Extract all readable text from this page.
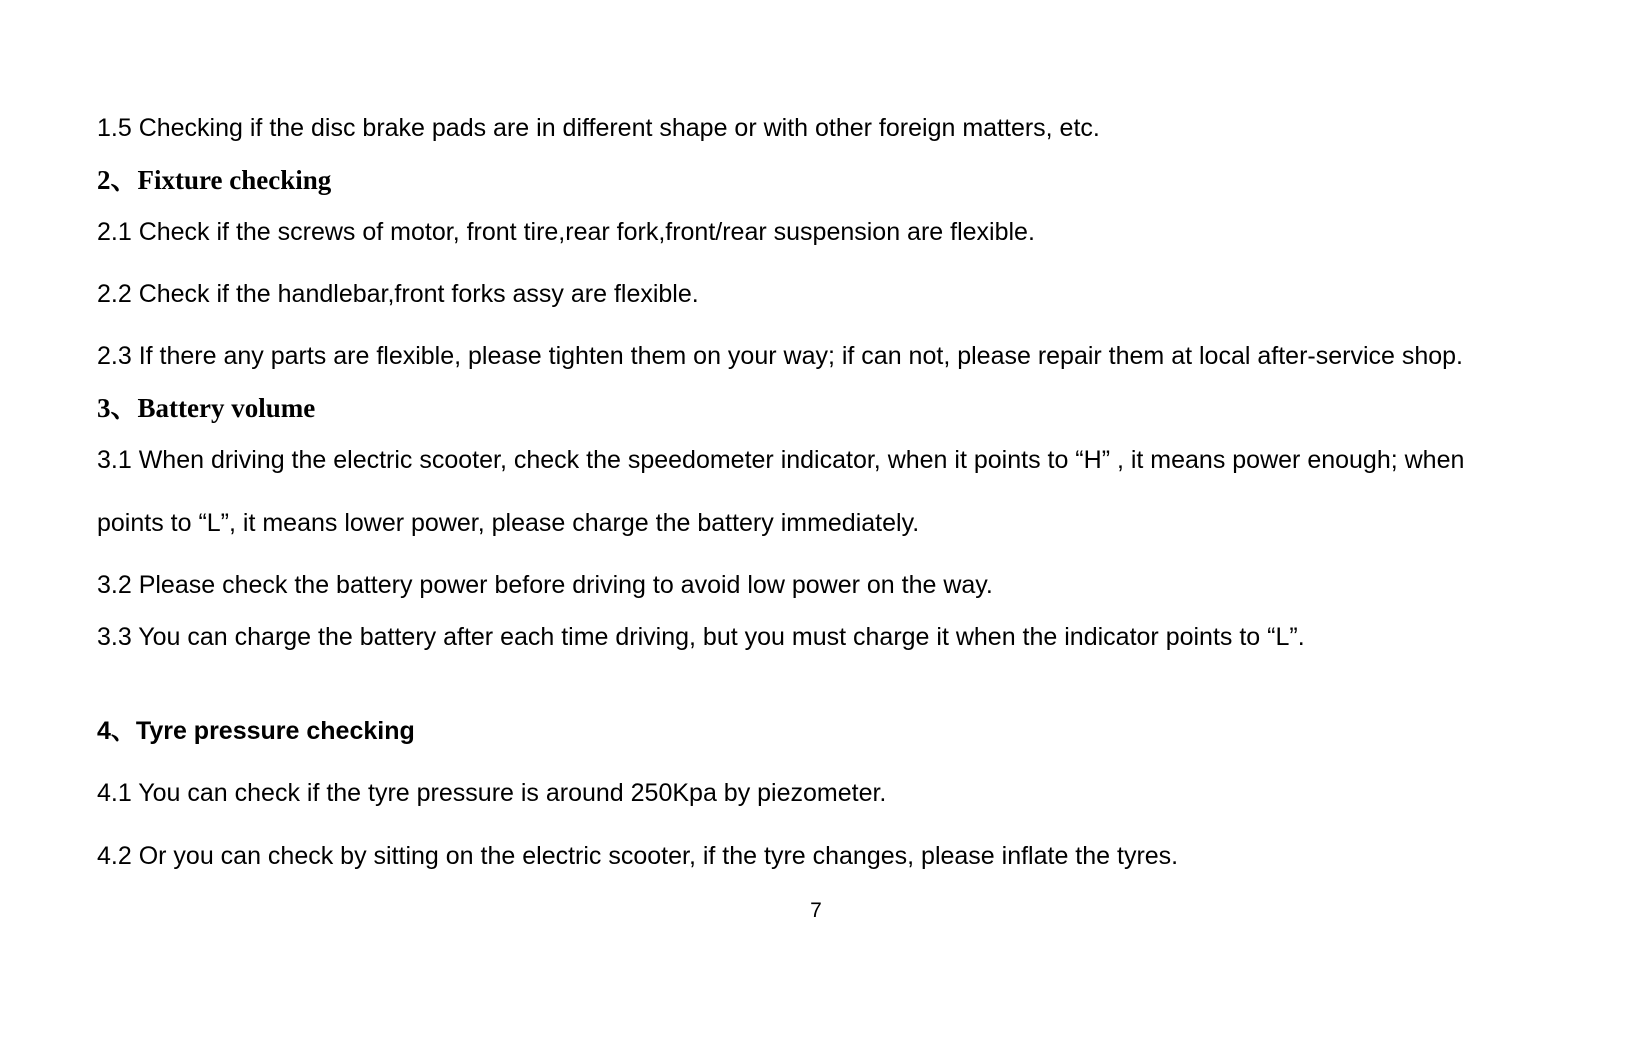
1.5 Checking if the disc brake pads are in different shape or with other foreign matters, etc.

2、Fixture checking

2.1 Check if the screws of motor, front tire,rear fork,front/rear suspension are flexible.

2.2 Check if the handlebar,front forks assy are flexible.

2.3 If there any parts are flexible, please tighten them on your way; if can not, please repair them at local after-service shop.

3、Battery volume

3.1 When driving the electric scooter, check the speedometer indicator, when it points to “H” , it means power enough; when

points to “L”, it means lower power, please charge the battery immediately.

3.2 Please check the battery power before driving to avoid low power on the way.

3.3 You can charge the battery after each time driving, but you must charge it when the indicator points to “L”.

4、Tyre pressure checking

4.1 You can check if the tyre pressure is around 250Kpa by piezometer.

4.2 Or you can check by sitting on the electric scooter, if the tyre changes, please inflate the tyres.

7
